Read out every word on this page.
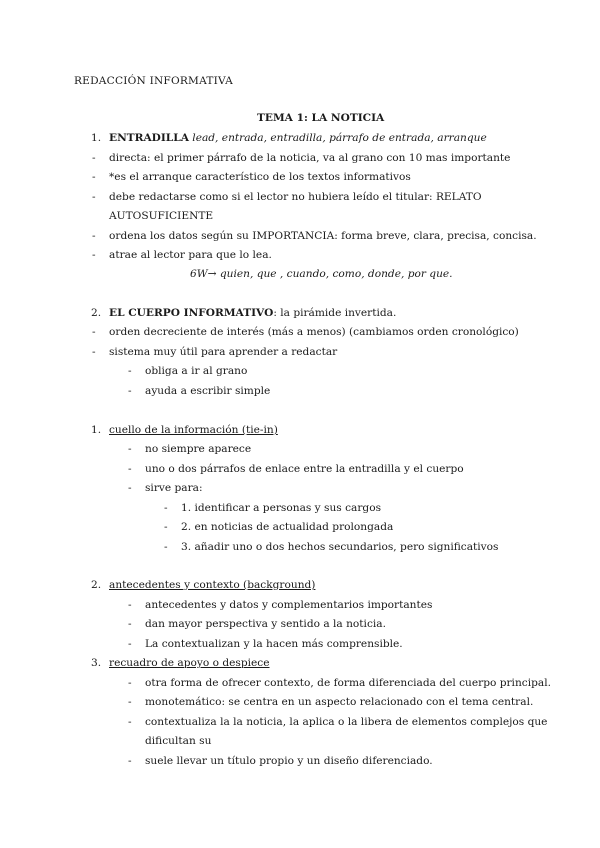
REDACCIÓN INFORMATIVA
TEMA 1: LA NOTICIA
1. ENTRADILLA lead, entrada, entradilla, párrafo de entrada, arranque
- directa: el primer párrafo de la noticia, va al grano con 10 mas importante
- *es el arranque característico de los textos informativos
- debe redactarse como si el lector no hubiera leído el titular: RELATO
AUTOSUFICIENTE
- ordena los datos según su IMPORTANCIA: forma breve, clara, precisa, concisa.
- atrae al lector para que lo lea.
6W→ quien, que , cuando, como, donde, por que.
2. EL CUERPO INFORMATIVO: la pirámide invertida.
- orden decreciente de interés (más a menos) (cambiamos orden cronológico)
- sistema muy útil para aprender a redactar
- obliga a ir al grano
- ayuda a escribir simple
1. cuello de la información (tie-in)
- no siempre aparece
- uno o dos párrafos de enlace entre la entradilla y el cuerpo
- sirve para:
- 1. identificar a personas y sus cargos
- 2. en noticias de actualidad prolongada
- 3. añadir uno o dos hechos secundarios, pero significativos
2. antecedentes y contexto (background)
- antecedentes y datos y complementarios importantes
- dan mayor perspectiva y sentido a la noticia.
- La contextualizan y la hacen más comprensible.
3. recuadro de apoyo o despiece
- otra forma de ofrecer contexto, de forma diferenciada del cuerpo principal.
- monotemático: se centra en un aspecto relacionado con el tema central.
- contextualiza la la noticia, la aplica o la libera de elementos complejos que
dificultan su
- suele llevar un título propio y un diseño diferenciado.
